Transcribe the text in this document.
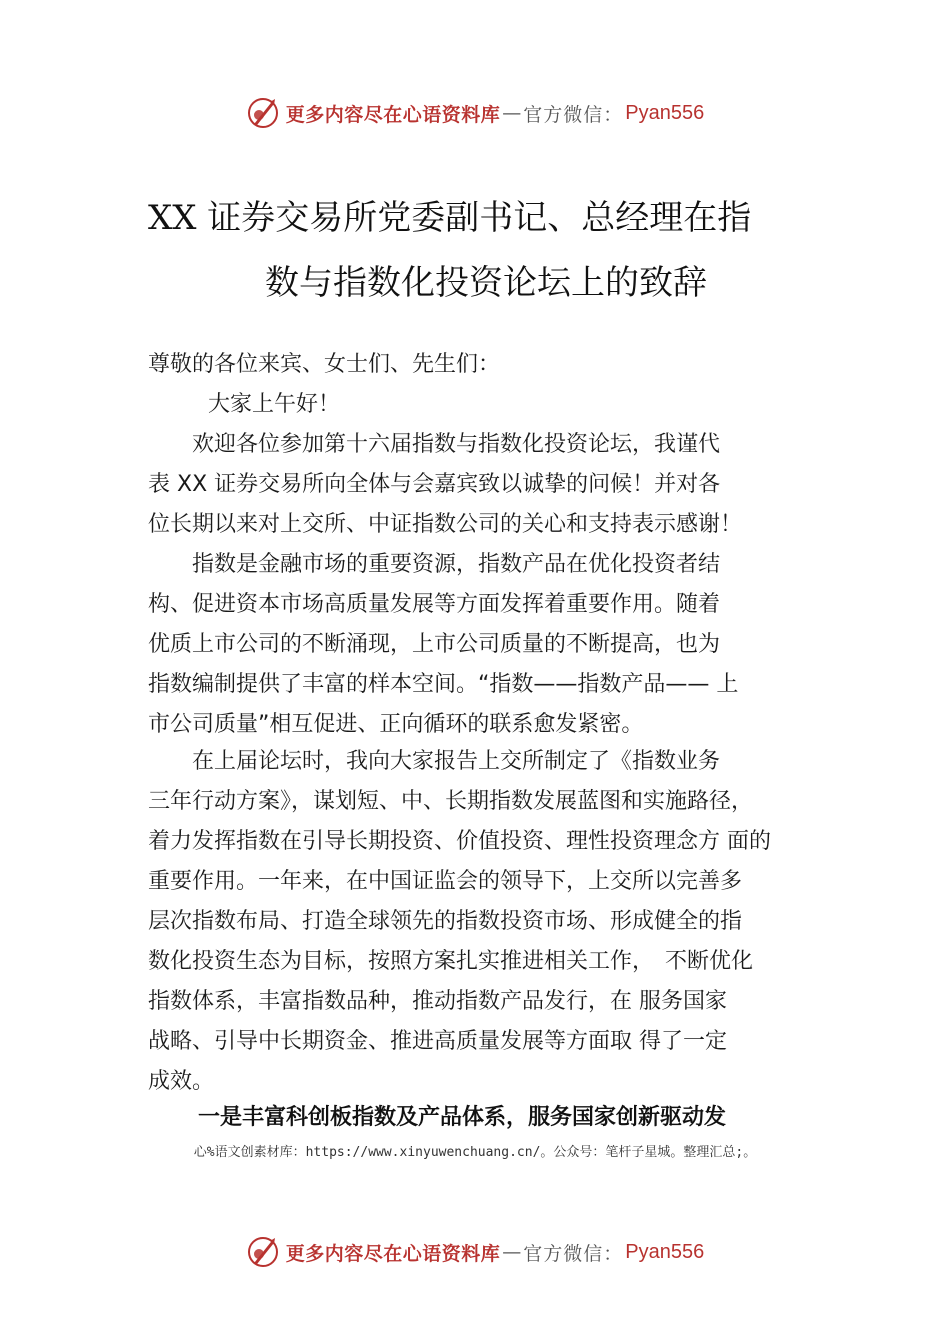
更多内容尽在心语资料库 — 官方微信： Pyan556
XX 证券交易所党委副书记、总经理在指
数与指数化投资论坛上的致辞
尊敬的各位来宾、女士们、先生们：
大家上午好！

　　欢迎各位参加第十六届指数与指数化投资论坛，我谨代

表 XX 证券交易所向全体与会嘉宾致以诚挚的问候！并对各

位长期以来对上交所、中证指数公司的关心和支持表示感谢！

　　指数是金融市场的重要资源，指数产品在优化投资者结

构、促进资本市场高质量发展等方面发挥着重要作用。随着

优质上市公司的不断涌现，上市公司质量的不断提高，也为

指数编制提供了丰富的样本空间。“指数——指数产品—— 上

市公司质量”相互促进、正向循环的联系愈发紧密。

　　在上届论坛时，我向大家报告上交所制定了《指数业务

三年行动方案》，谋划短、中、长期指数发展蓝图和实施路径，

着力发挥指数在引导长期投资、价值投资、理性投资理念方 面的

重要作用。一年来，在中国证监会的领导下，上交所以完善多

层次指数布局、打造全球领先的指数投资市场、形成健全的指

数化投资生态为目标，按照方案扎实推进相关工作，　不断优化

指数体系，丰富指数品种，推动指数产品发行，在 服务国家

战略、引导中长期资金、推进高质量发展等方面取 得了一定

成效。

一是丰富科创板指数及产品体系，服务国家创新驱动发
心%语文创素材库：https://www.xinyuwenchuang.cn/。公众号：笔杆子星城。整理汇总;。
更多内容尽在心语资料库 — 官方微信： Pyan556
